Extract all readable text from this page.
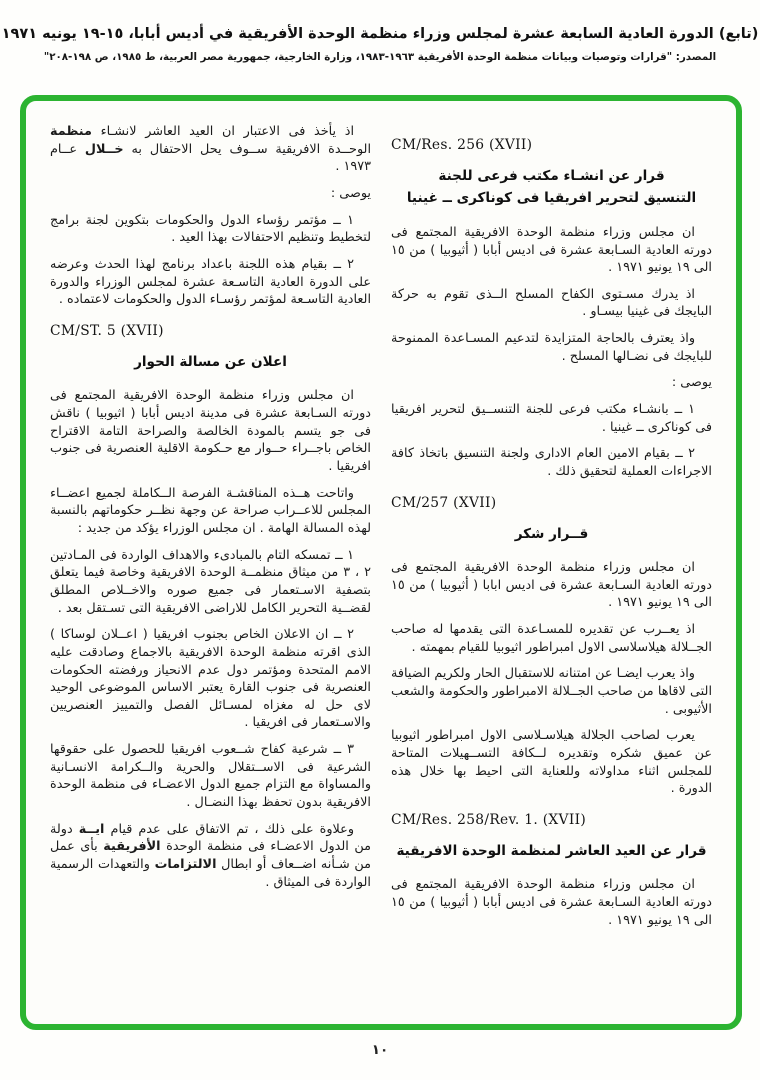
(تابع) الدورة العادية السابعة عشرة لمجلس وزراء منظمة الوحدة الأفريقية في أديس أبابا، ١٥-١٩ يونيه ١٩٧١
المصدر: "قرارات وتوصيات وبيانات منظمة الوحدة الأفريقية ١٩٦٣-١٩٨٣، وزارة الخارجية، جمهورية مصر العربية، ط ١٩٨٥، ص ١٩٨-٢٠٨"
CM/Res. 256 (XVII)
قرار عن انشـاء مكتب فرعى للجنة
التنسيق لتحرير افريقيا فى كوناكرى ــ غينيا
ان مجلس وزراء منظمة الوحدة الافريقية المجتمع فى دورته العادية السـابعة عشرة فى اديس أبابا ( أثيوبيا ) من ١٥ الى ١٩ يونيو ١٩٧١ .
اذ يدرك مسـتوى الكفاح المسلح الــذى تقوم به حركة البايجك فى غينيا بيسـاو .
واذ يعترف بالحاجة المتزايدة لتدعيم المسـاعدة الممنوحة للبايجك فى نضـالها المسلح .
يوصى :
١ ــ بانشـاء مكتب فرعى للجنة التنســيق لتحرير افريقيا فى كوناكرى ــ غينيا .
٢ ــ بقيام الامين العام الادارى ولجنة التنسيق باتخاذ كافة الاجراءات العملية لتحقيق ذلك .
CM/257 (XVII)
قــرار شكر
ان مجلس وزراء منظمة الوحدة الافريقية المجتمع فى دورته العادية السـابعة عشرة فى اديس ابابا ( أثيوبيا ) من ١٥ الى ١٩ يونيو ١٩٧١ .
اذ يعــرب عن تقديره للمسـاعدة التى يقدمها له صاحب الجــلالة هيلاسلاسى الاول امبراطور اثيوبيا للقيام بمهمته .
واذ يعرب ايضـا عن امتنانه للاستقبال الحار ولكريم الضيافة التى لاقاها من صاحب الجــلالة الامبراطور والحكومة والشعب الأثيوبى .
يعرب لصاحب الجلالة هيلاسـلاسى الاول امبراطور اثيوبيا عن عميق شكره وتقديره لــكافة التســهيلات المتاحة للمجلس اثناء مداولاته وللعناية التى احيط بها خلال هذه الدورة .
CM/Res. 258/Rev. 1. (XVII)
قرار عن العيد العاشر لمنظمة الوحدة الافريقية
ان مجلس وزراء منظمة الوحدة الافريقية المجتمع فى دورته العادية السـابعة عشرة فى اديس أبابا ( أثيوبيا ) من ١٥ الى ١٩ يونيو ١٩٧١ .
اذ يأخذ فى الاعتبار ان العيد العاشر لانشـاء منظمة الوحــدة الافريقية ســوف يحل الاحتفال به خــلال عــام ١٩٧٣ .
يوصى :
١ ــ مؤتمر رؤساء الدول والحكومات بتكوين لجنة برامج لتخطيط وتنظيم الاحتفالات بهذا العيد .
٢ ــ بقيام هذه اللجنة باعداد برنامج لهذا الحدث وعرضه على الدورة العادية التاسـعة عشرة لمجلس الوزراء والدورة العادية التاسـعة لمؤتمر رؤسـاء الدول والحكومات لاعتماده .
CM/ST. 5 (XVII)
اعلان عن مسالة الحوار
ان مجلس وزراء منظمة الوحدة الافريقية المجتمع فى دورته السـابعة عشرة فى مدينة اديس أبابا ( اثيوبيا ) ناقش فى جو يتسم بالمودة الخالصة والصراحة التامة الاقتراح الخاص باجــراء حــوار مع حـكومة الاقلية العنصرية فى جنوب افريقيا .
واتاحت هــذه المناقشـة الفرصة الــكاملة لجميع اعضــاء المجلس للاعــراب صراحة عن وجهة نظــر حكوماتهم بالنسبة لهذه المسالة الهامة . ان مجلس الوزراء يؤكد من جديد :
١ ــ تمسكه التام بالمبادىء والاهداف الواردة فى المـادتين ٢ ، ٣ من ميثاق منظمــة الوحدة الافريقية وخاصة فيما يتعلق بتصفية الاسـتعمار فى جميع صوره والاخــلاص المطلق لقضــية التحرير الكامل للاراضى الافريقية التى تسـتقل بعد .
٢ ــ ان الاعلان الخاص بجنوب افريقيا ( اعــلان لوساكا ) الذى اقرته منظمة الوحدة الافريقية بالاجماع وصادقت عليه الامم المتحدة ومؤتمر دول عدم الانحياز ورفضته الحكومات العنصرية فى جنوب القارة يعتبر الاساس الموضوعى الوحيد لاى حل له مغزاه لمسـائل الفصل والتمييز العنصريين والاسـتعمار فى افريقيا .
٣ ــ شرعية كفاح شــعوب افريقيا للحصول على حقوقها الشرعية فى الاســتقلال والحرية والــكرامة الانسـانية والمساواة مع التزام جميع الدول الاعضـاء فى منظمة الوحدة الافريقية بدون تحفظ بهذا النضـال .
وعلاوة على ذلك ، تم الاتفاق على عدم قيام ايــة دولة من الدول الاعضـاء فى منظمة الوحدة الأفريقية بأى عمل من شـأنه اضــعاف أو ابطال الالتزامات والتعهدات الرسمية الواردة فى الميثاق .
١٠
